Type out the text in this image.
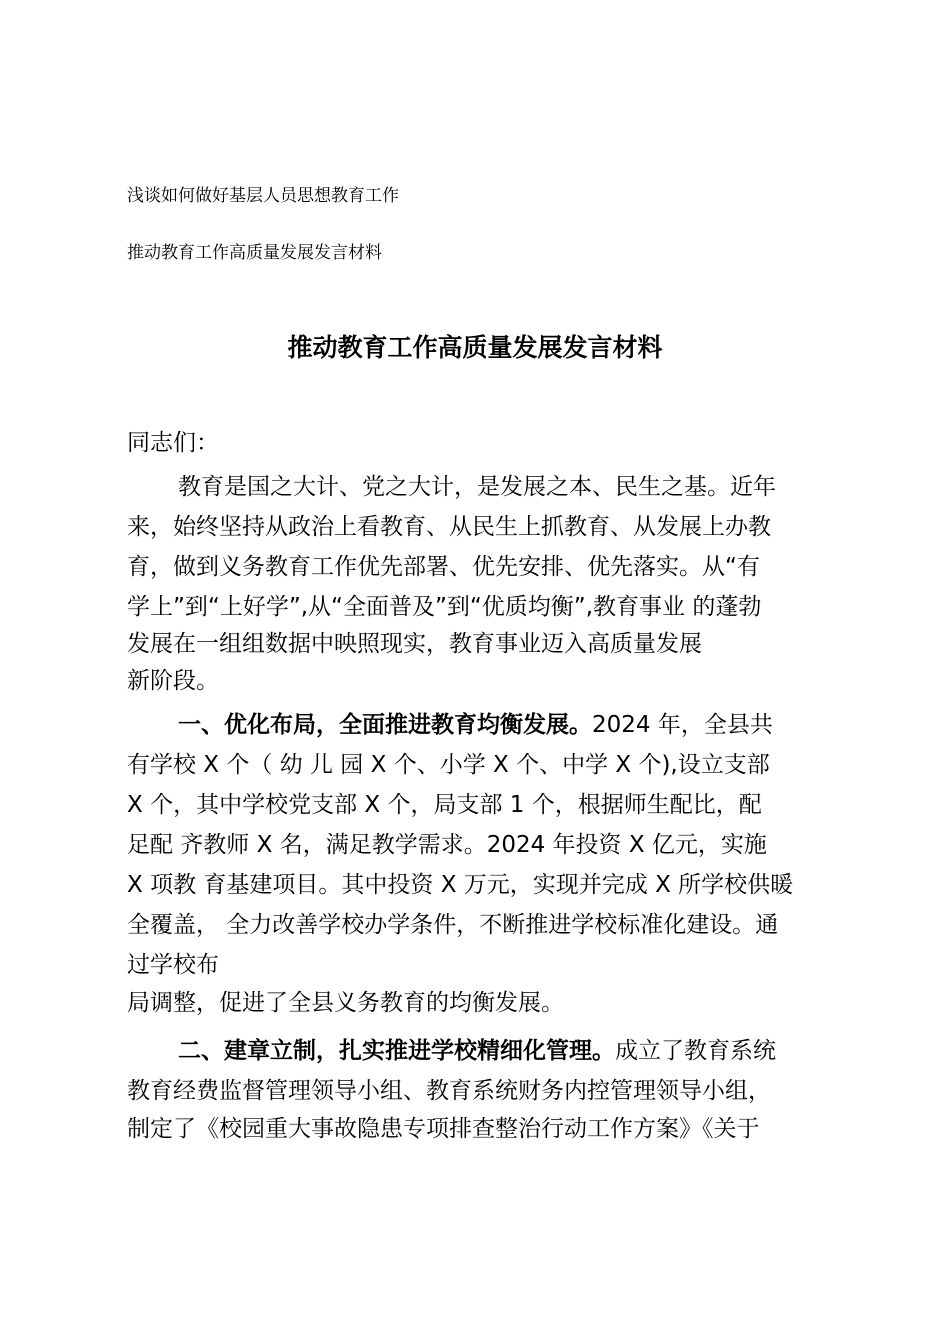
浅谈如何做好基层人员思想教育工作
推动教育工作高质量发展发言材料
推动教育工作高质量发展发言材料
同志们：
教育是国之大计、党之大计，是发展之本、民生之基。近年
来，始终坚持从政治上看教育、从民生上抓教育、从发展上办教
育，做到义务教育工作优先部署、优先安排、优先落实。从“有
学上”到“上好学”,从“全面普及”到“优质均衡”,教育事业 的蓬勃
发展在一组组数据中映照现实，教育事业迈入高质量发展
新阶段。
一、优化布局，全面推进教育均衡发展。2024 年，全县共
有学校 X 个（ 幼 儿 园 X 个、小学 X 个、中学 X 个),设立支部
X 个，其中学校党支部 X 个，局支部 1 个，根据师生配比，配
足配 齐教师 X 名，满足教学需求。2024 年投资 X 亿元，实施
X 项教 育基建项目。其中投资 X 万元，实现并完成 X 所学校供暖
全覆盖， 全力改善学校办学条件，不断推进学校标准化建设。通
过学校布
局调整，促进了全县义务教育的均衡发展。
二、建章立制，扎实推进学校精细化管理。成立了教育系统
教育经费监督管理领导小组、教育系统财务内控管理领导小组，
制定了《校园重大事故隐患专项排查整治行动工作方案》《关于
